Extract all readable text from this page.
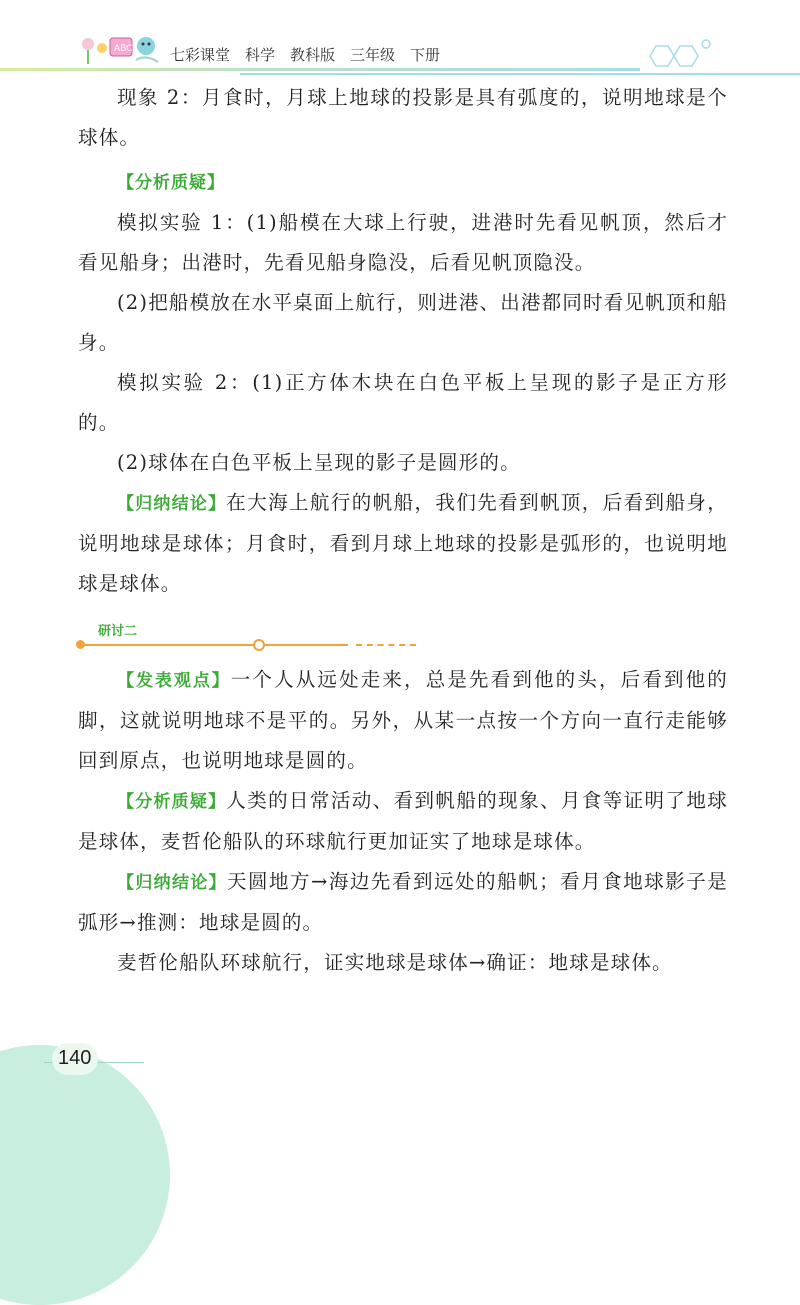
ABC	七彩课堂　科学　教科版　三年级　下册

现象 2：月食时，月球上地球的投影是具有弧度的，说明地球是个球体。

【分析质疑】

模拟实验 1：(1)船模在大球上行驶，进港时先看见帆顶，然后才看见船身；出港时，先看见船身隐没，后看见帆顶隐没。

(2)把船模放在水平桌面上航行，则进港、出港都同时看见帆顶和船身。

模拟实验 2：(1)正方体木块在白色平板上呈现的影子是正方形的。

(2)球体在白色平板上呈现的影子是圆形的。

【归纳结论】在大海上航行的帆船，我们先看到帆顶，后看到船身，说明地球是球体；月食时，看到月球上地球的投影是弧形的，也说明地球是球体。

研讨二

【发表观点】一个人从远处走来，总是先看到他的头，后看到他的脚，这就说明地球不是平的。另外，从某一点按一个方向一直行走能够回到原点，也说明地球是圆的。

【分析质疑】人类的日常活动、看到帆船的现象、月食等证明了地球是球体，麦哲伦船队的环球航行更加证实了地球是球体。

【归纳结论】天圆地方→海边先看到远处的船帆；看月食地球影子是弧形→推测：地球是圆的。

麦哲伦船队环球航行，证实地球是球体→确证：地球是球体。

140
